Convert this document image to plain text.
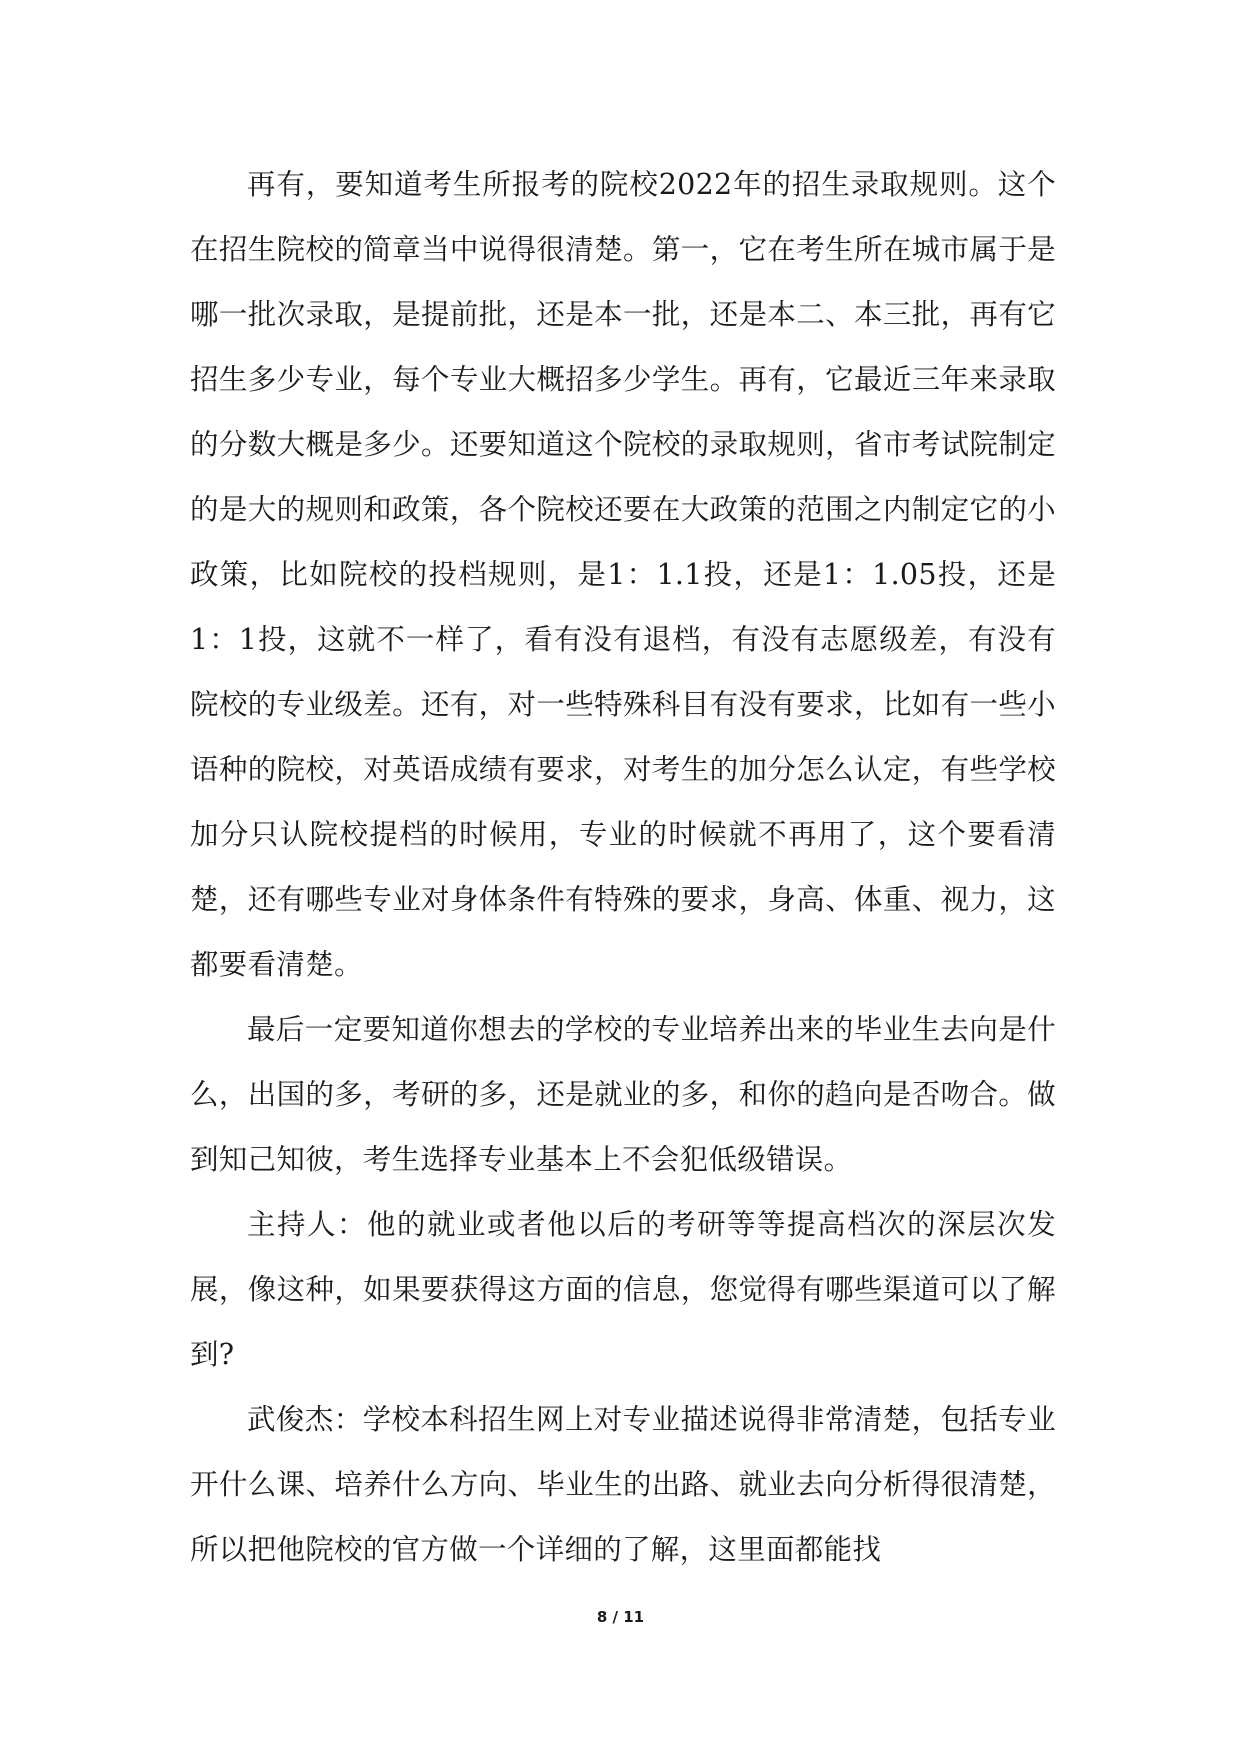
再有，要知道考生所报考的院校2022年的招生录取规则。这个在招生院校的简章当中说得很清楚。第一，它在考生所在城市属于是哪一批次录取，是提前批，还是本一批，还是本二、本三批，再有它招生多少专业，每个专业大概招多少学生。再有，它最近三年来录取的分数大概是多少。还要知道这个院校的录取规则，省市考试院制定的是大的规则和政策，各个院校还要在大政策的范围之内制定它的小政策，比如院校的投档规则，是1：1.1投，还是1：1.05投，还是1：1投，这就不一样了，看有没有退档，有没有志愿级差，有没有院校的专业级差。还有，对一些特殊科目有没有要求，比如有一些小语种的院校，对英语成绩有要求，对考生的加分怎么认定，有些学校加分只认院校提档的时候用，专业的时候就不再用了，这个要看清楚，还有哪些专业对身体条件有特殊的要求，身高、体重、视力，这都要看清楚。

最后一定要知道你想去的学校的专业培养出来的毕业生去向是什么，出国的多，考研的多，还是就业的多，和你的趋向是否吻合。做到知己知彼，考生选择专业基本上不会犯低级错误。

主持人：他的就业或者他以后的考研等等提高档次的深层次发展，像这种，如果要获得这方面的信息，您觉得有哪些渠道可以了解到?

武俊杰：学校本科招生网上对专业描述说得非常清楚，包括专业开什么课、培养什么方向、毕业生的出路、就业去向分析得很清楚，所以把他院校的官方做一个详细的了解，这里面都能找

8 / 11
